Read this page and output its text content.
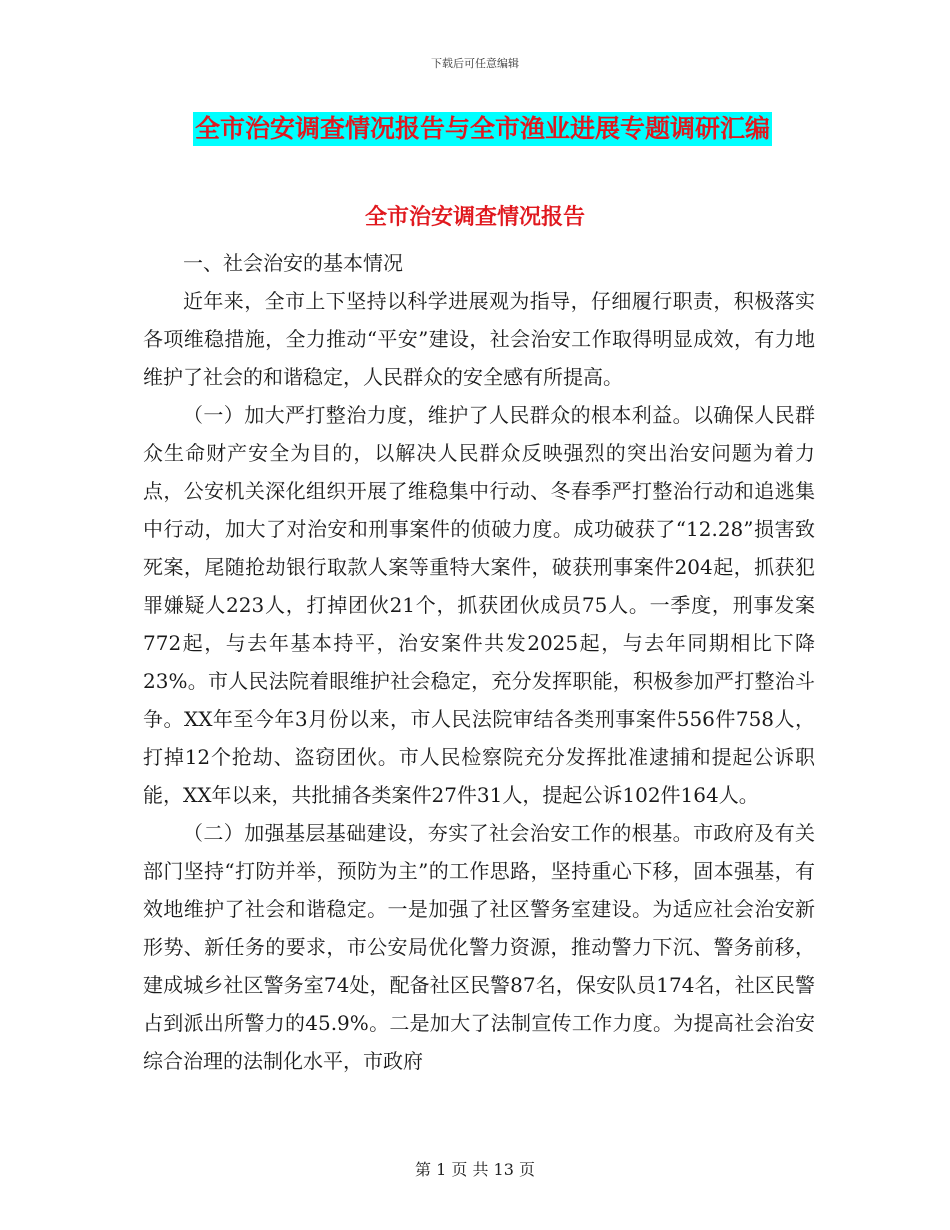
下载后可任意编辑
全市治安调查情况报告与全市渔业进展专题调研汇编
全市治安调查情况报告

一、社会治安的基本情况

近年来，全市上下坚持以科学进展观为指导，仔细履行职责，积极落实各项维稳措施，全力推动“平安”建设，社会治安工作取得明显成效，有力地维护了社会的和谐稳定，人民群众的安全感有所提高。

（一）加大严打整治力度，维护了人民群众的根本利益。以确保人民群众生命财产安全为目的，以解决人民群众反映强烈的突出治安问题为着力点，公安机关深化组织开展了维稳集中行动、冬春季严打整治行动和追逃集中行动，加大了对治安和刑事案件的侦破力度。成功破获了“12.28”损害致死案，尾随抢劫银行取款人案等重特大案件，破获刑事案件204起，抓获犯罪嫌疑人223人，打掉团伙21个，抓获团伙成员75人。一季度，刑事发案772起，与去年基本持平，治安案件共发2025起，与去年同期相比下降23%。市人民法院着眼维护社会稳定，充分发挥职能，积极参加严打整治斗争。XX年至今年3月份以来，市人民法院审结各类刑事案件556件758人，打掉12个抢劫、盗窃团伙。市人民检察院充分发挥批准逮捕和提起公诉职能，XX年以来，共批捕各类案件27件31人，提起公诉102件164人。

（二）加强基层基础建设，夯实了社会治安工作的根基。市政府及有关部门坚持“打防并举，预防为主”的工作思路，坚持重心下移，固本强基，有效地维护了社会和谐稳定。一是加强了社区警务室建设。为适应社会治安新形势、新任务的要求，市公安局优化警力资源，推动警力下沉、警务前移，建成城乡社区警务室74处，配备社区民警87名，保安队员174名，社区民警占到派出所警力的45.9%。二是加大了法制宣传工作力度。为提高社会治安综合治理的法制化水平，市政府

第 1 页 共 13 页
